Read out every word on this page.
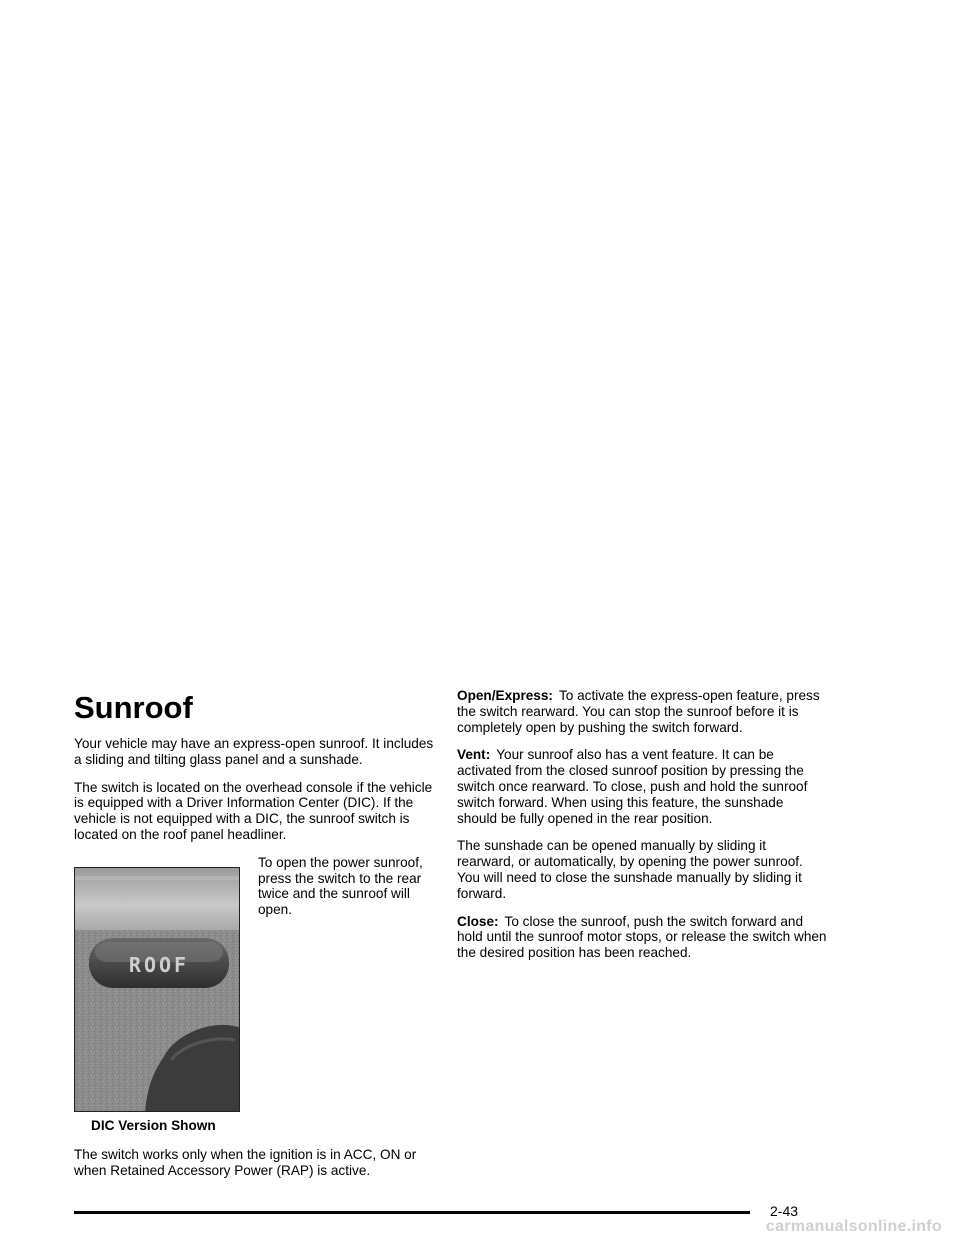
Sunroof

Your vehicle may have an express-open sunroof. It includes a sliding and tilting glass panel and a sunshade.

The switch is located on the overhead console if the vehicle is equipped with a Driver Information Center (DIC). If the vehicle is not equipped with a DIC, the sunroof switch is located on the roof panel headliner.

ROOF
To open the power sunroof, press the switch to the rear twice and the sunroof will open.
DIC Version Shown

The switch works only when the ignition is in ACC, ON or when Retained Accessory Power (RAP) is active.

Open/Express: To activate the express-open feature, press the switch rearward. You can stop the sunroof before it is completely open by pushing the switch forward.

Vent: Your sunroof also has a vent feature. It can be activated from the closed sunroof position by pressing the switch once rearward. To close, push and hold the sunroof switch forward. When using this feature, the sunshade should be fully opened in the rear position.

The sunshade can be opened manually by sliding it rearward, or automatically, by opening the power sunroof. You will need to close the sunshade manually by sliding it forward.

Close: To close the sunroof, push the switch forward and hold until the sunroof motor stops, or release the switch when the desired position has been reached.

2-43
carmanualsonline.info
